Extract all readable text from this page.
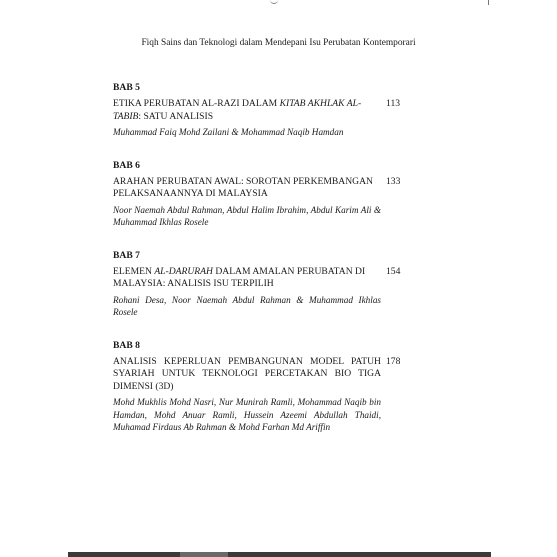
Fiqh Sains dan Teknologi dalam Mendepani Isu Perubatan Kontemporari
BAB 5
ETIKA PERUBATAN AL-RAZI DALAM KITAB AKHLAK AL-TABIB: SATU ANALISIS
113
Muhammad Faiq Mohd Zailani & Mohammad Naqib Hamdan
BAB 6
ARAHAN PERUBATAN AWAL: SOROTAN PERKEMBANGAN PELAKSANAANNYA DI MALAYSIA
133
Noor Naemah Abdul Rahman, Abdul Halim Ibrahim, Abdul Karim Ali & Muhammad Ikhlas Rosele
BAB 7
ELEMEN AL-DARURAH DALAM AMALAN PERUBATAN DI MALAYSIA: ANALISIS ISU TERPILIH
154
Rohani Desa, Noor Naemah Abdul Rahman & Muhammad Ikhlas Rosele
BAB 8
ANALISIS KEPERLUAN PEMBANGUNAN MODEL PATUH SYARIAH UNTUK TEKNOLOGI PERCETAKAN BIO TIGA DIMENSI (3D)
178
Mohd Mukhlis Mohd Nasri, Nur Munirah Ramli, Mohammad Naqib bin Hamdan, Mohd Anuar Ramli, Hussein Azeemi Abdullah Thaidi, Muhamad Firdaus Ab Rahman & Mohd Farhan Md Ariffin
